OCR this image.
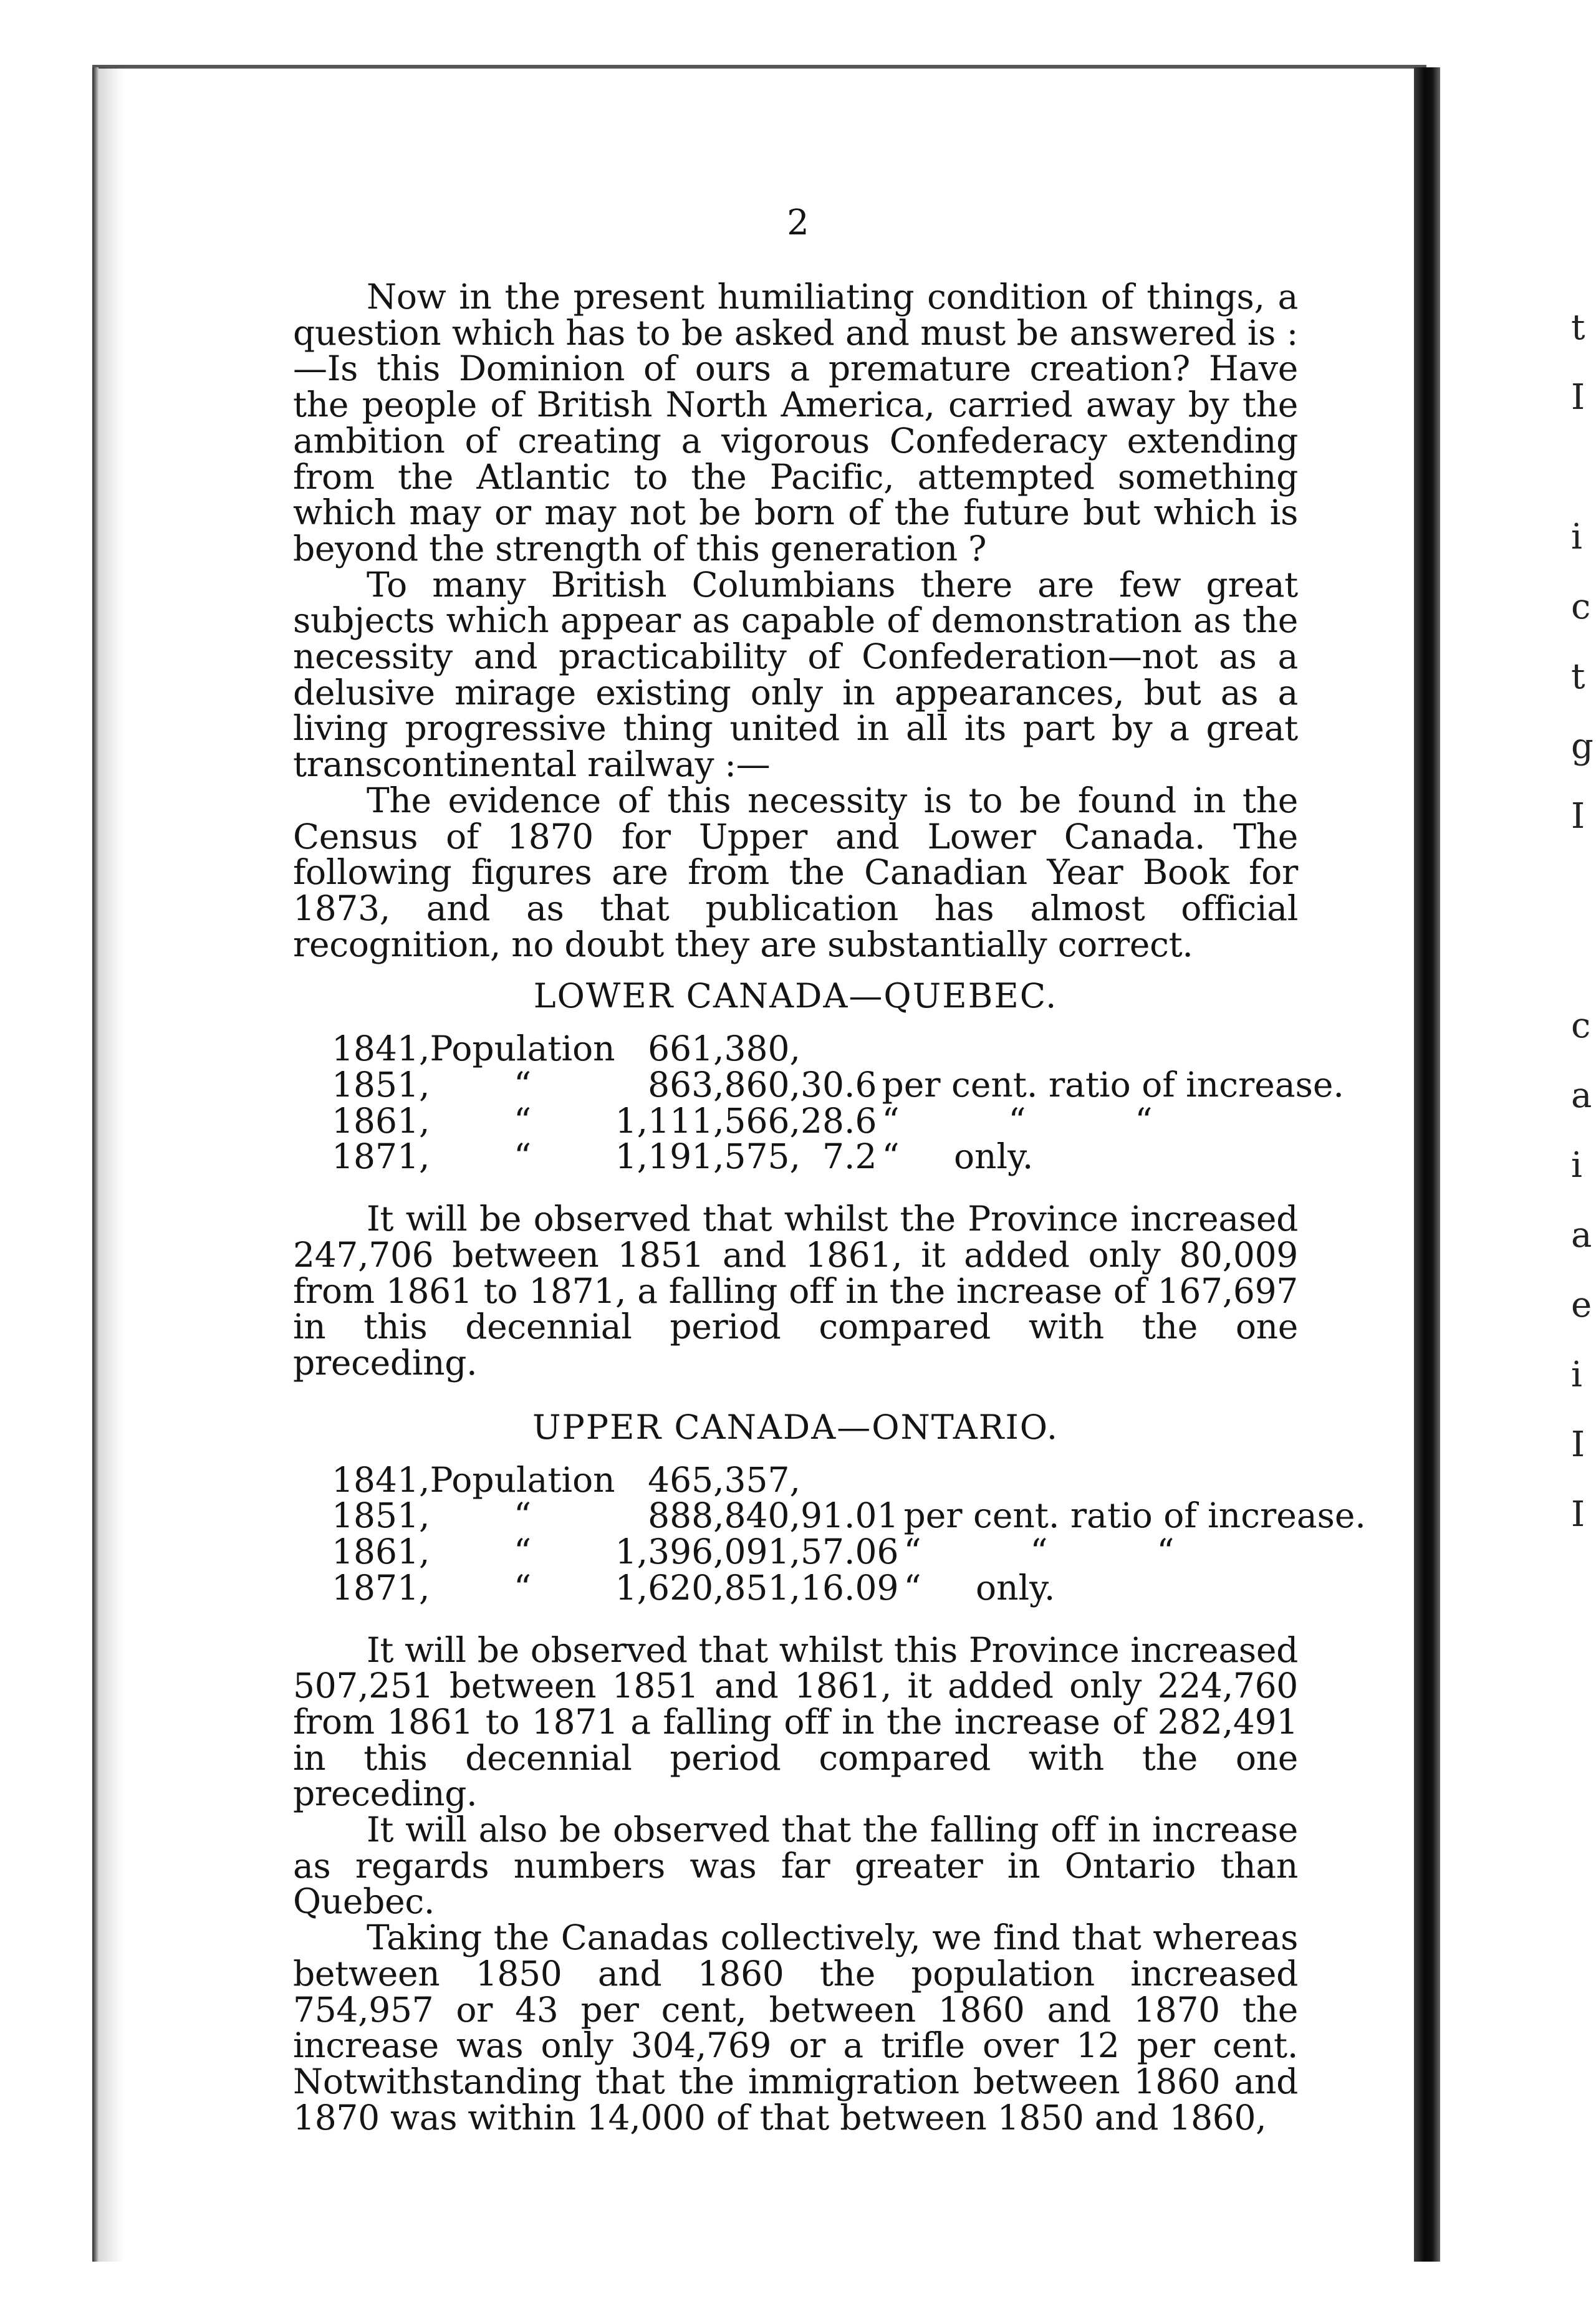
2

Now in the present humiliating condition of things, a question which has to be asked and must be answered is :—Is this Dominion of ours a premature creation? Have the people of British North America, carried away by the ambition of creating a vigorous Confederacy extending from the Atlantic to the Pacific, attempted something which may or may not be born of the future but which is beyond the strength of this generation ?

To many British Columbians there are few great subjects which appear as capable of demonstration as the necessity and practicability of Confederation—not as a delusive mirage existing only in appearances, but as a living progressive thing united in all its part by a great transcontinental railway :—

The evidence of this necessity is to be found in the Census of 1870 for Upper and Lower Canada. The following figures are from the Canadian Year Book for 1873, and as that publication has almost official recognition, no doubt they are substantially correct.

LOWER CANADA—QUEBEC.
1841,	Population	661,380,		
1851,	“	863,860,	30.6	per cent. ratio of increase.
1861,	“	1,111,566,	28.6	“          “          “
1871,	“	1,191,575,	7.2	“     only.

It will be observed that whilst the Province increased 247,706 between 1851 and 1861, it added only 80,009 from 1861 to 1871, a falling off in the increase of 167,697 in this decennial period compared with the one preceding.

UPPER CANADA—ONTARIO.
1841,	Population	465,357,		
1851,	“	888,840,	91.01	per cent. ratio of increase.
1861,	“	1,396,091,	57.06	“          “          “
1871,	“	1,620,851,	16.09	“     only.

It will be observed that whilst this Province increased 507,251 between 1851 and 1861, it added only 224,760 from 1861 to 1871 a falling off in the increase of 282,491 in this decennial period compared with the one preceding.

It will also be observed that the falling off in increase as regards numbers was far greater in Ontario than Quebec.

Taking the Canadas collectively, we find that whereas between 1850 and 1860 the population increased 754,957 or 43 per cent, between 1860 and 1870 the increase was only 304,769 or a trifle over 12 per cent. Notwithstanding that the immigration between 1860 and 1870 was within 14,000 of that between 1850 and 1860,

t
I

i
c
t
g
I

c
a
i
a
e
i
I
I
